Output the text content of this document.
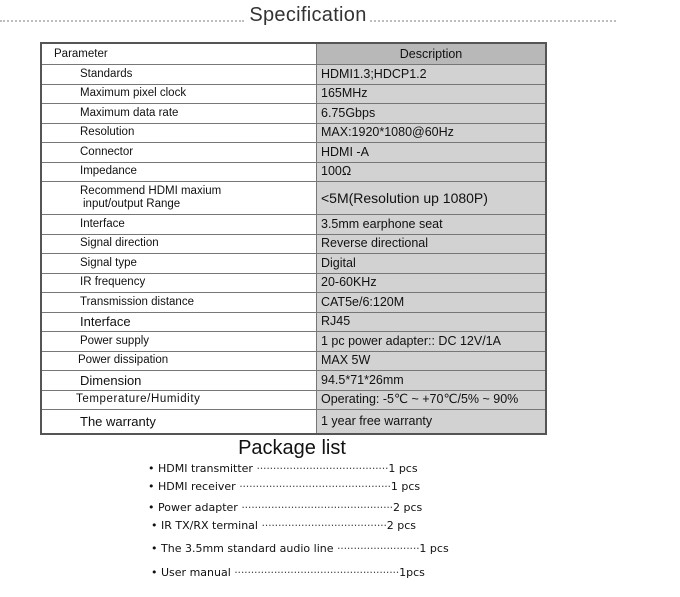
Specification
Parameter	Description
Standards	HDMI1.3;HDCP1.2
Maximum pixel clock	165MHz
Maximum data rate	6.75Gbps
Resolution	MAX:1920*1080@60Hz
Connector	HDMI -A
Impedance	100Ω
Recommend HDMI maxium
input/output Range	<5M(Resolution up 1080P)
Interface	3.5mm earphone seat
Signal direction	Reverse directional
Signal type	Digital
IR frequency	20-60KHz
Transmission distance	CAT5e/6:120M
Interface	RJ45
Power supply	1 pc power adapter:: DC 12V/1A
Power dissipation	MAX 5W
Dimension	94.5*71*26mm
Temperature/Humidity	Operating: -5℃ ~ +70℃/5% ~ 90%
The warranty	1 year free warranty
Package list
• HDMI transmitter ········································1 pcs
• HDMI receiver ··············································1 pcs
• Power adapter ··············································2 pcs
• IR TX/RX terminal ······································2 pcs
• The 3.5mm standard audio line ·························1 pcs
• User manual ··················································1pcs
